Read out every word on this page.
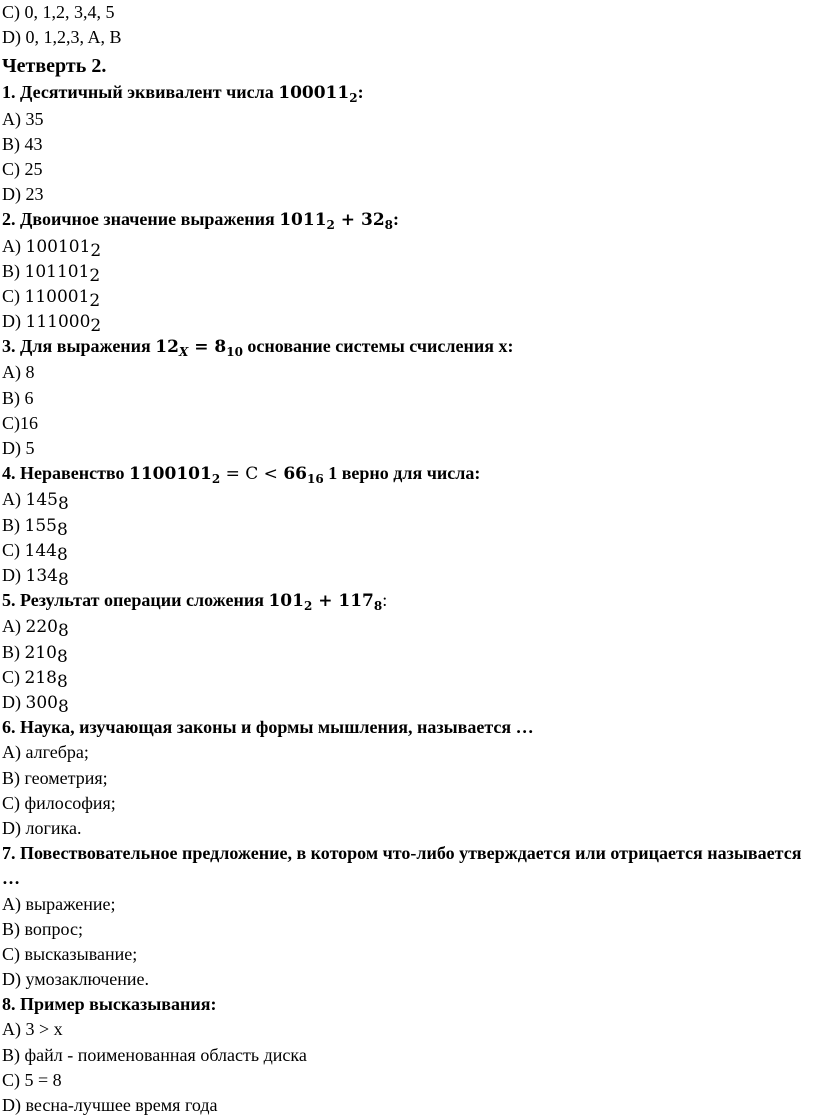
C) 0, 1,2, 3,4, 5
D) 0, 1,2,3, A, B
Четверть 2.
1. Десятичный эквивалент числа $100011_2$:
A) 35
B) 43
C) 25
D) 23
2. Двоичное значение выражения $1011_2 + 32_8$:
A) $100101_2$
B) $101101_2$
C) $110001_2$
D) $111000_2$
3. Для выражения $12_X = 8_{10}$ основание системы счисления x:
A) 8
B) 6
C)16
D) 5
4. Неравенство $1100101_2 = C < 66_{16}$ 1 верно для числа:
A) $145_8$
B) $155_8$
C) $144_8$
D) $134_8$
5. Результат операции сложения $101_2 + 117_8$:
A) $220_8$
B) $210_8$
C) $218_8$
D) $300_8$
6. Наука, изучающая законы и формы мышления, называется …
A) алгебра;
B) геометрия;
C) философия;
D) логика.
7. Повествовательное предложение, в котором что-либо утверждается или отрицается называется …
A) выражение;
B) вопрос;
C) высказывание;
D) умозаключение.
8. Пример высказывания:
A) 3 > x
B) файл - поименованная область диска
C) 5 = 8
D) весна-лучшее время года
